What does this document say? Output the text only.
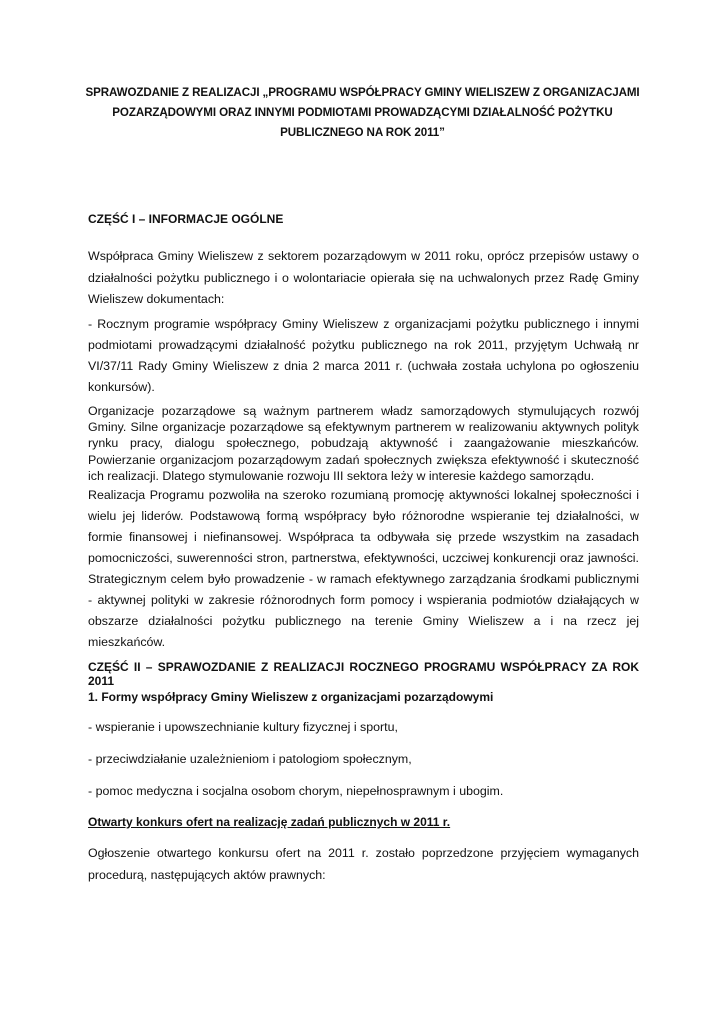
SPRAWOZDANIE Z REALIZACJI „PROGRAMU WSPÓŁPRACY GMINY WIELISZEW Z ORGANIZACJAMI POZARZĄDOWYMI ORAZ INNYMI PODMIOTAMI PROWADZĄCYMI DZIAŁALNOŚĆ POŻYTKU PUBLICZNEGO NA ROK 2011”
CZĘŚĆ I – INFORMACJE OGÓLNE

Współpraca Gminy Wieliszew z sektorem pozarządowym w 2011 roku, oprócz przepisów ustawy o działalności pożytku publicznego i o wolontariacie opierała się na uchwalonych przez Radę Gminy Wieliszew dokumentach:

- Rocznym programie współpracy Gminy Wieliszew z organizacjami pożytku publicznego i innymi podmiotami prowadzącymi działalność pożytku publicznego na rok 2011, przyjętym Uchwałą nr VI/37/11 Rady Gminy Wieliszew z dnia 2 marca 2011 r. (uchwała została uchylona po ogłoszeniu konkursów).

Organizacje pozarządowe są ważnym partnerem władz samorządowych stymulujących rozwój Gminy. Silne organizacje pozarządowe są efektywnym partnerem w realizowaniu aktywnych polityk rynku pracy, dialogu społecznego, pobudzają aktywność i zaangażowanie mieszkańców. Powierzanie organizacjom pozarządowym zadań społecznych zwiększa efektywność i skuteczność ich realizacji. Dlatego stymulowanie rozwoju III sektora leży w interesie każdego samorządu.

Realizacja Programu pozwoliła na szeroko rozumianą promocję aktywności lokalnej społeczności i wielu jej liderów. Podstawową formą współpracy było różnorodne wspieranie tej działalności, w formie finansowej i niefinansowej. Współpraca ta odbywała się przede wszystkim na zasadach pomocniczości, suwerenności stron, partnerstwa, efektywności, uczciwej konkurencji oraz jawności. Strategicznym celem było prowadzenie - w ramach efektywnego zarządzania środkami publicznymi - aktywnej polityki w zakresie różnorodnych form pomocy i wspierania podmiotów działających w obszarze działalności pożytku publicznego na terenie Gminy Wieliszew a i na rzecz jej mieszkańców.

CZĘŚĆ II – SPRAWOZDANIE Z REALIZACJI ROCZNEGO PROGRAMU WSPÓŁPRACY ZA ROK 2011
1. Formy współpracy Gminy Wieliszew z organizacjami pozarządowymi
- wspieranie i upowszechnianie kultury fizycznej i sportu,
- przeciwdziałanie uzależnieniom i patologiom społecznym,
- pomoc medyczna i socjalna osobom chorym, niepełnosprawnym i ubogim.
Otwarty konkurs ofert na realizację zadań publicznych w 2011 r.

Ogłoszenie otwartego konkursu ofert na 2011 r. zostało poprzedzone przyjęciem wymaganych procedurą, następujących aktów prawnych:
